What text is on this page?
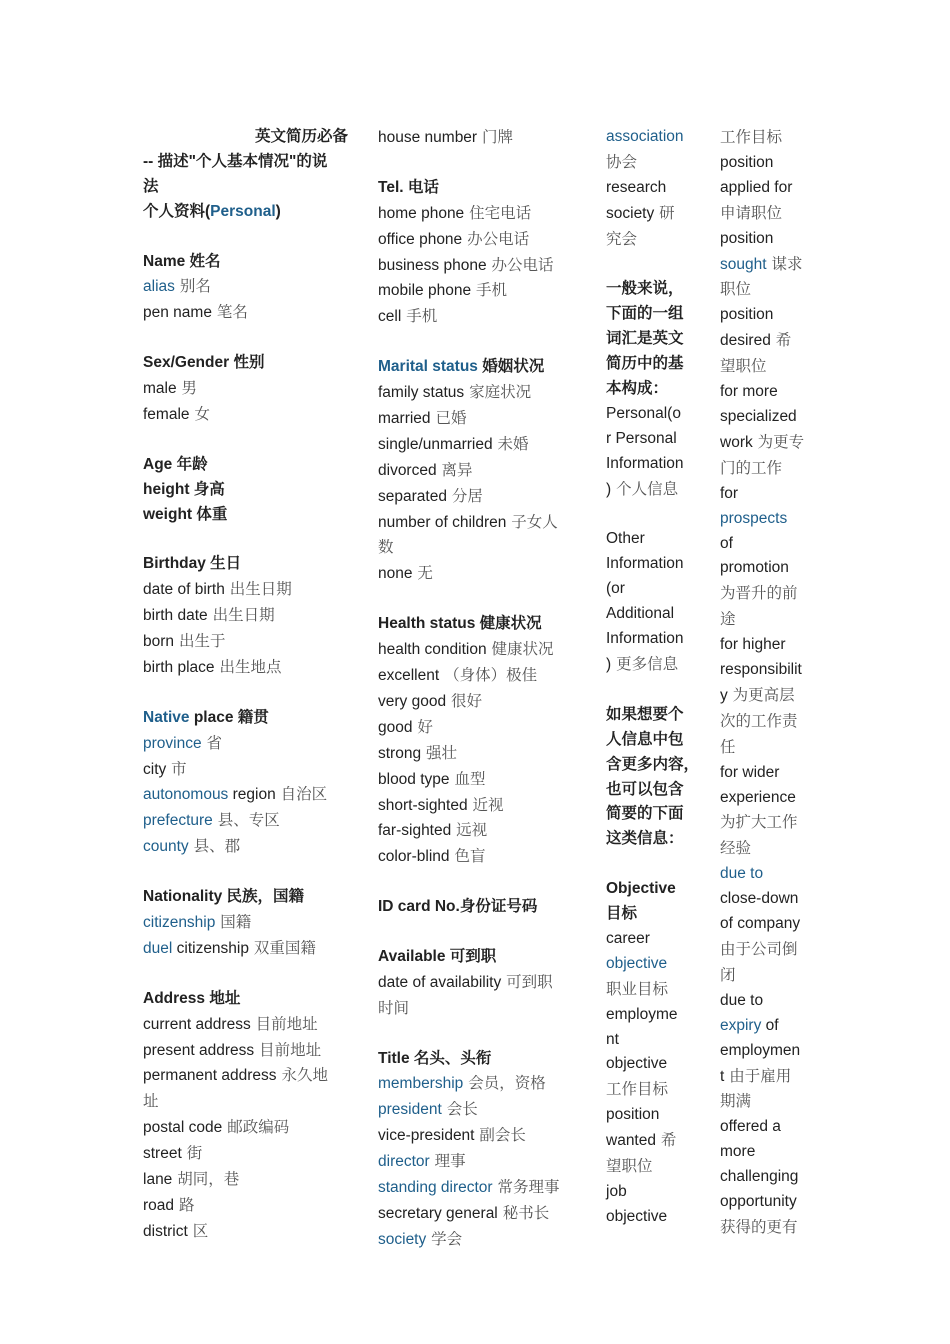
英文简历必备
-- 描述"个人基本情况"的说
法
个人资料(Personal)
Name 姓名
alias 别名
pen name 笔名
Sex/Gender 性别
male 男
female 女
Age 年龄
height 身高
weight 体重
Birthday 生日
date of birth 出生日期
birth date 出生日期
born 出生于
birth place 出生地点
Native place 籍贯
province 省
city 市
autonomous region 自治区
prefecture 县、专区
county 县、郡
Nationality 民族，国籍
citizenship 国籍
duel citizenship 双重国籍
Address 地址
current address 目前地址
present address 目前地址
permanent address 永久地
址
postal code 邮政编码
street 街
lane 胡同，巷
road 路
district 区
house number 门牌
Tel. 电话
home phone 住宅电话
office phone 办公电话
business phone 办公电话
mobile phone 手机
cell 手机
Marital status 婚姻状况
family status 家庭状况
married 已婚
single/unmarried 未婚
divorced 离异
separated 分居
number of children 子女人
数
none 无
Health status 健康状况
health condition 健康状况
excellent （身体）极佳
very good 很好
good 好
strong 强壮
blood type 血型
short-sighted 近视
far-sighted 远视
color-blind 色盲
ID card No.身份证号码
Available 可到职
date of availability 可到职
时间
Title 名头、头衔
membership 会员，资格
president 会长
vice-president 副会长
director 理事
standing director 常务理事
secretary general 秘书长
society 学会
association
协会
research
society 研
究会
一般来说，
下面的一组
词汇是英文
简历中的基
本构成：
Personal(o
r Personal
Information
) 个人信息
Other
Information
(or
Additional
Information
) 更多信息
如果想要个
人信息中包
含更多内容，
也可以包含
简要的下面
这类信息：
Objective
目标
career
objective
职业目标
employme
nt
objective
工作目标
position
wanted 希
望职位
job
objective
工作目标
position
applied for
申请职位
position
sought 谋求
职位
position
desired 希
望职位
for more
specialized
work 为更专
门的工作
for
prospects
of
promotion
为晋升的前
途
for higher
responsibilit
y 为更高层
次的工作责
任
for wider
experience
为扩大工作
经验
due to
close-down
of company
由于公司倒
闭
due to
expiry of
employmen
t 由于雇用
期满
offered a
more
challenging
opportunity
获得的更有
